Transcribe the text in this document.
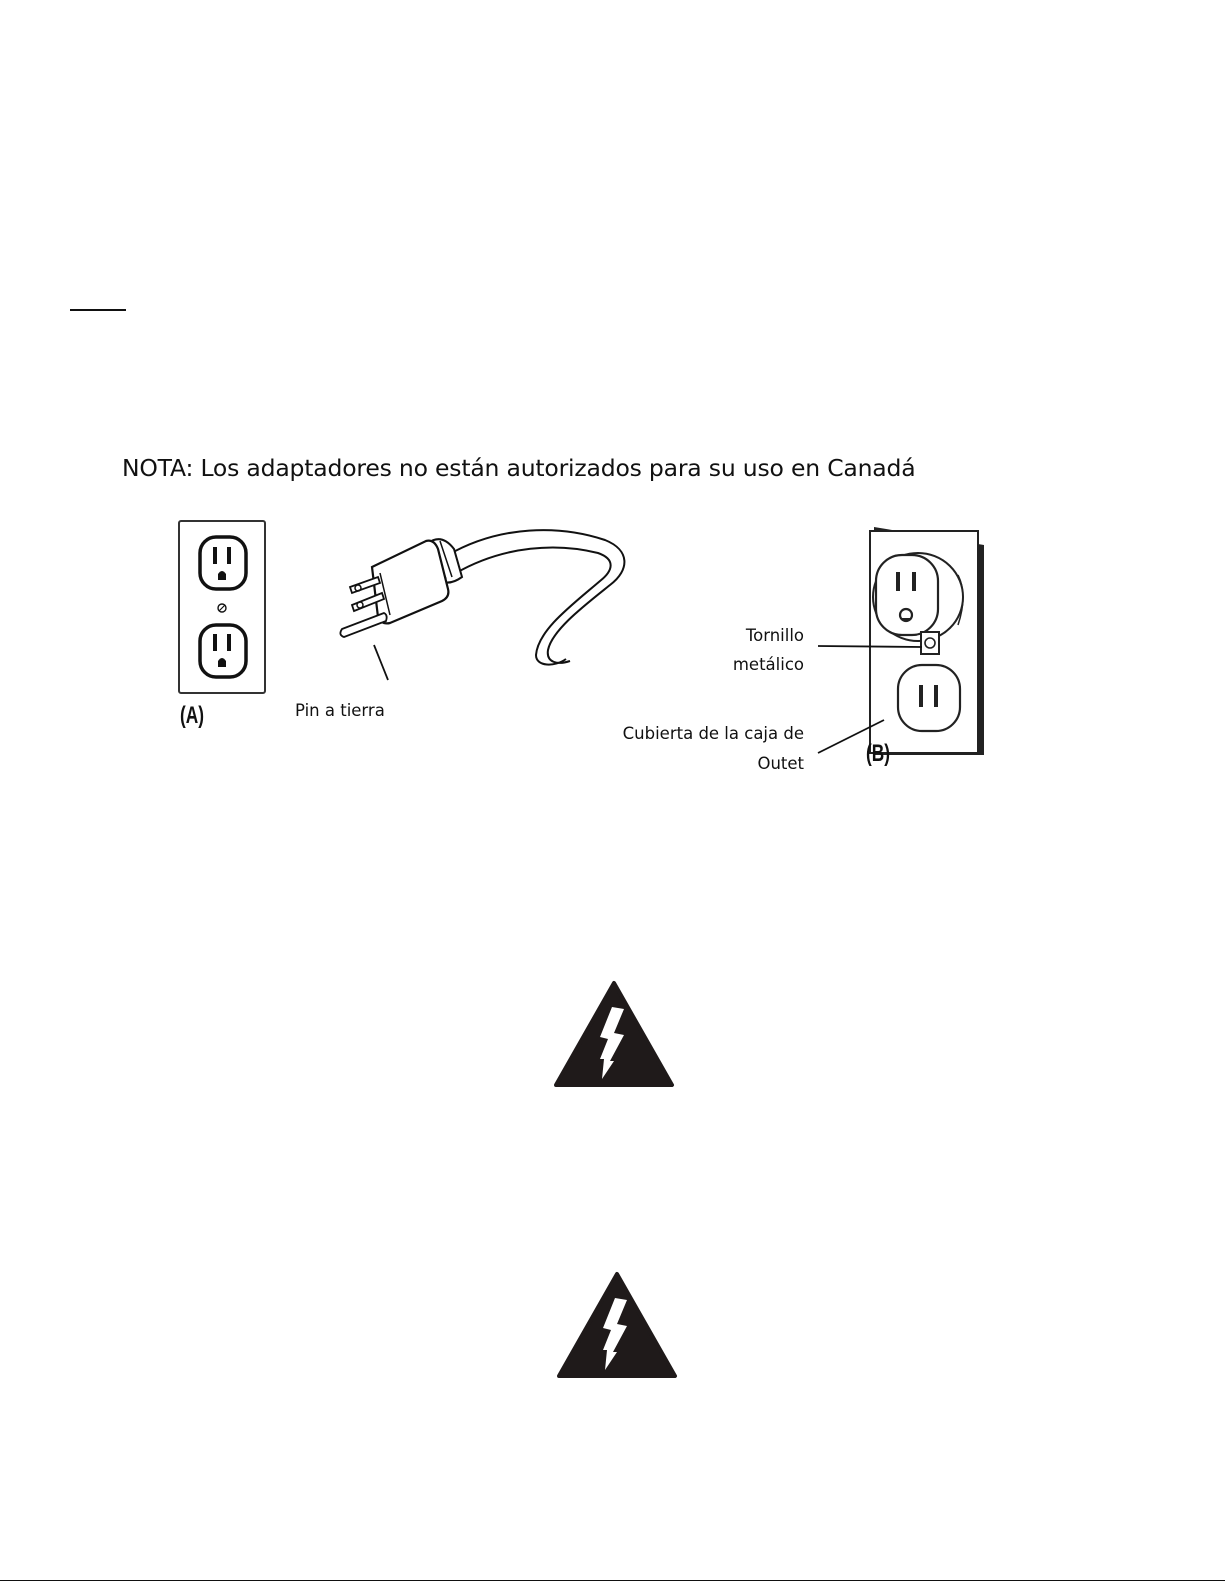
NOTA: Los adaptadores no están autorizados para su uso en Canadá
(A)	Pin a tierra
Tornillo
metálico
Cubierta de la caja de
Outet	(B)
